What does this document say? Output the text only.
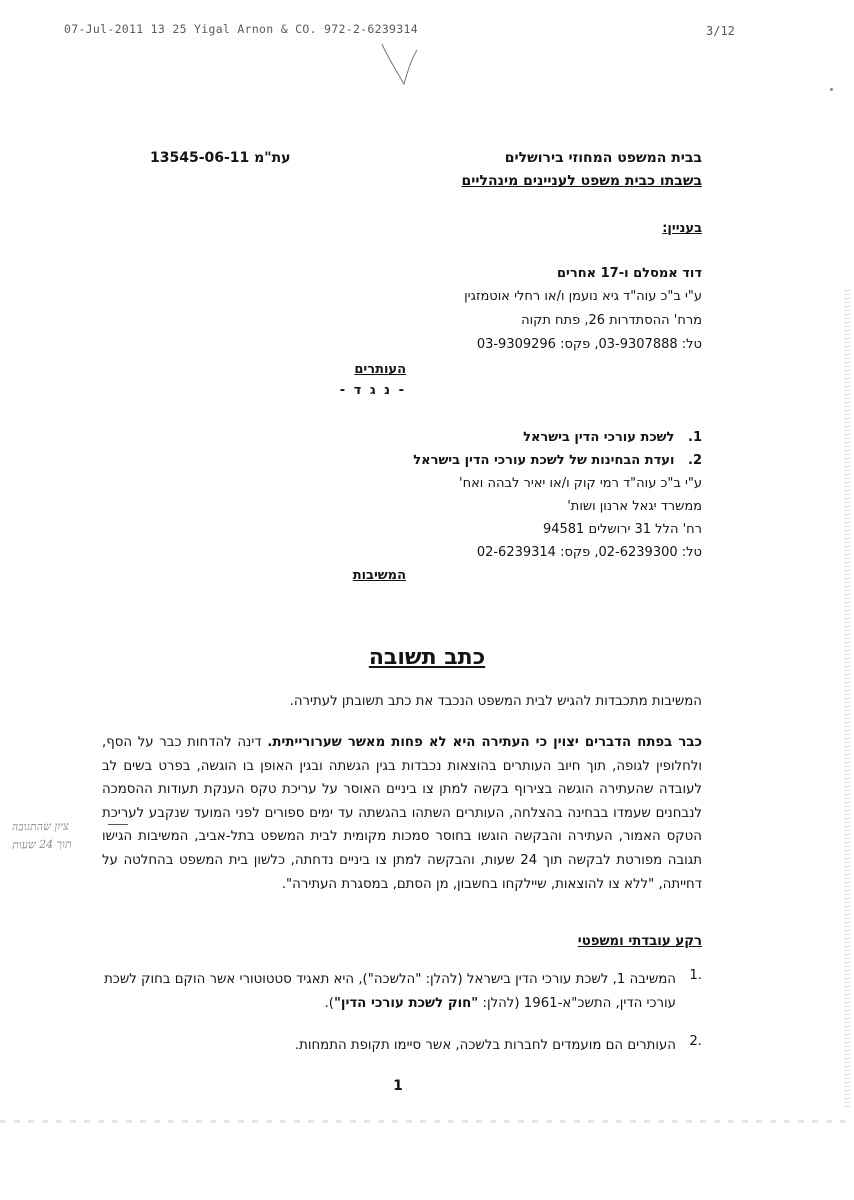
07-Jul-2011 13 25 Yigal Arnon & CO. 972-2-6239314	3/12
בבית המשפט המחוזי בירושלים
בשבתו כבית משפט לעניינים מינהליים
עת"מ 13545-06-11
בעניין:
דוד אמסלם ו-17 אחרים
ע"י ב"כ עוה"ד גיא נועמן ו/או רחלי אוטמזגין
מרח' ההסתדרות 26, פתח תקוה
טל: 03-9307888, פקס: 03-9309296
העותרים
- נ ג ד -
1.   לשכת עורכי הדין בישראל
2.   ועדת הבחינות של לשכת עורכי הדין בישראל
ע"י ב"כ עוה"ד רמי קוק ו/או יאיר לבהה ואח'
ממשרד יגאל ארנון ושות'
רח' הלל 31 ירושלים 94581
טל: 02-6239300, פקס: 02-6239314
המשיבות
כתב תשובה
המשיבות מתכבדות להגיש לבית המשפט הנכבד את כתב תשובתן לעתירה.
כבר בפתח הדברים יצוין כי העתירה היא לא פחות מאשר שערורייתית. דינה להדחות כבר על הסף, ולחלופין לגופה, תוך חיוב העותרים בהוצאות נכבדות בגין הגשתה ובגין האופן בו הוגשה, בפרט בשים לב לעובדה שהעתירה הוגשה בצירוף בקשה למתן צו ביניים האוסר על עריכת טקס הענקת תעודות ההסמכה לנבחנים שעמדו בבחינה בהצלחה, העותרים השתהו בהגשתה עד ימים ספורים לפני המועד שנקבע לעריכת הטקס האמור, העתירה והבקשה הוגשו בחוסר סמכות מקומית לבית המשפט בתל-אביב, המשיבות הגישו תגובה מפורטת לבקשה תוך 24 שעות, והבקשה למתן צו ביניים נדחתה, כלשון בית המשפט בהחלטה על דחייתה, "ללא צו להוצאות, שיילקחו בחשבון, מן הסתם, במסגרת העתירה".
ציון שהתגובה
תוך 24 שעות
רקע עובדתי ומשפטי
1.
המשיבה 1, לשכת עורכי הדין בישראל (להלן: "הלשכה"), היא תאגיד סטטוטורי אשר הוקם בחוק לשכת עורכי הדין, התשכ"א-1961 (להלן: "חוק לשכת עורכי הדין").
2.
העותרים הם מועמדים לחברות בלשכה, אשר סיימו תקופת התמחות.
1
